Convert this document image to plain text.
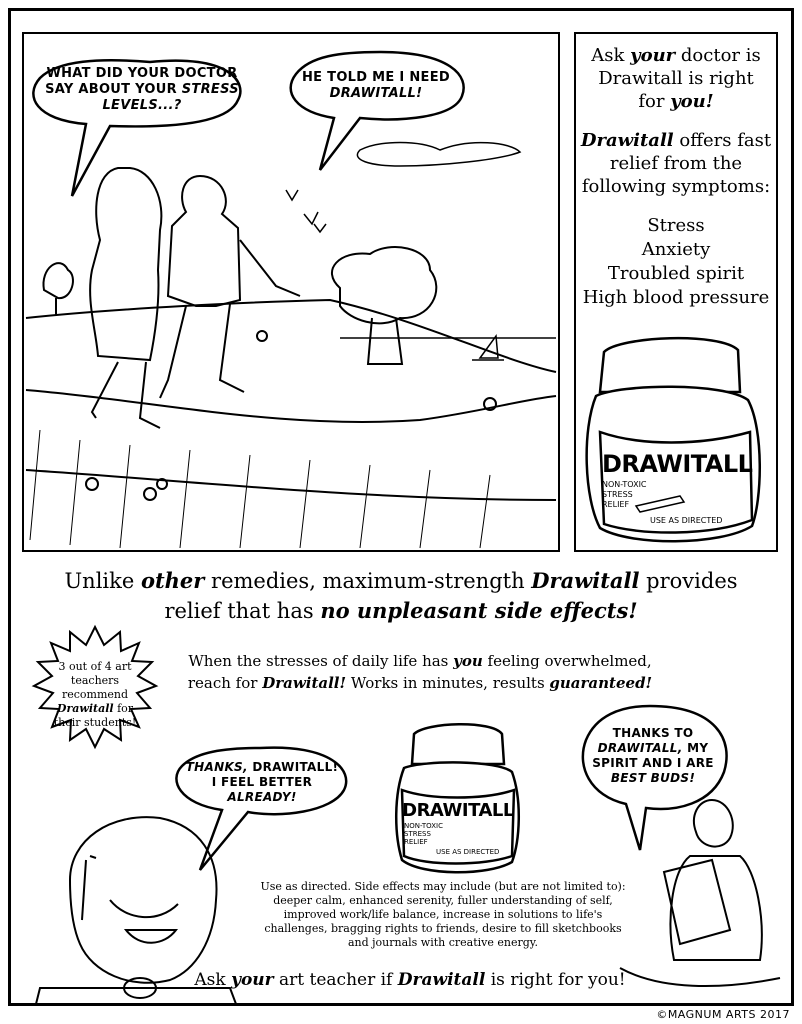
WHAT DID YOUR DOCTOR
SAY ABOUT YOUR STRESS
LEVELS...?
HE TOLD ME I NEED
DRAWITALL!

Ask your doctor is
Drawitall is right
for you!

Drawitall offers fast
relief from the
following symptoms:

Stress
Anxiety
Troubled spirit
High blood pressure
DRAWITALL
NON-TOXIC
STRESS
RELIEF
USE AS DIRECTED
DRAWITALL
NON-TOXIC
STRESS
RELIEF
USE AS DIRECTED
Unlike other remedies, maximum-strength Drawitall provides
relief that has no unpleasant side effects!
When the stresses of daily life has you feeling overwhelmed,
reach for Drawitall! Works in minutes, results guaranteed!
3 out of 4 art
teachers
recommend
Drawitall for
their students!
THANKS, DRAWITALL!
I FEEL BETTER
ALREADY!
THANKS TO
DRAWITALL, MY
SPIRIT AND I ARE
BEST BUDS!
Use as directed. Side effects may include (but are not limited to):
deeper calm, enhanced serenity, fuller understanding of self,
improved work/life balance, increase in solutions to life's
challenges, bragging rights to friends, desire to fill sketchbooks
and journals with creative energy.
Ask your art teacher if Drawitall is right for you!
©MAGNUM ARTS 2017
